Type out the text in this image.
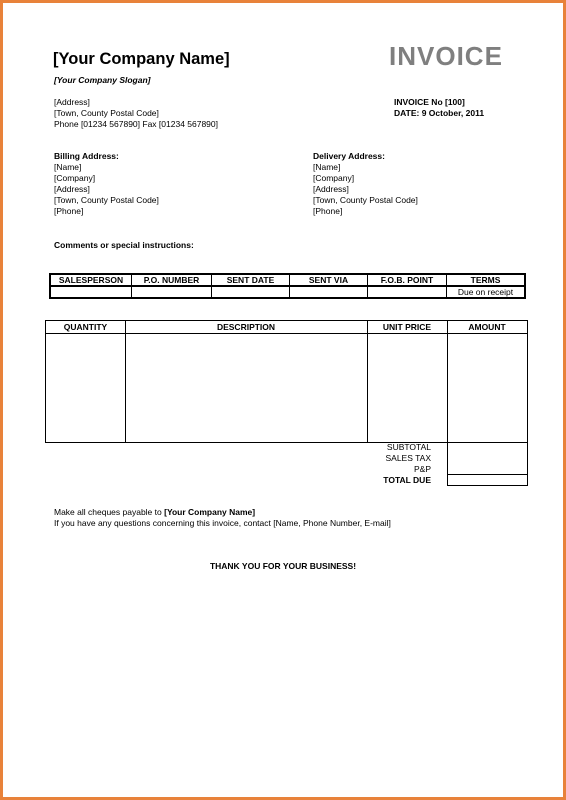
[Your Company Name]
[Your Company Slogan]
INVOICE
[Address]
[Town, County Postal Code]
Phone [01234 567890] Fax [01234 567890]
INVOICE No [100]
DATE: 9 October, 2011
Billing Address:
[Name]
[Company]
[Address]
[Town, County Postal Code]
[Phone]
Delivery Address:
[Name]
[Company]
[Address]
[Town, County Postal Code]
[Phone]
Comments or special instructions:
SALESPERSON	P.O. NUMBER	SENT DATE	SENT VIA	F.O.B. POINT	TERMS
					Due on receipt
QUANTITY	DESCRIPTION	UNIT PRICE	AMOUNT
SUBTOTAL
SALES TAX
P&P
TOTAL DUE
Make all cheques payable to [Your Company Name]
If you have any questions concerning this invoice, contact [Name, Phone Number, E-mail]
THANK YOU FOR YOUR BUSINESS!
